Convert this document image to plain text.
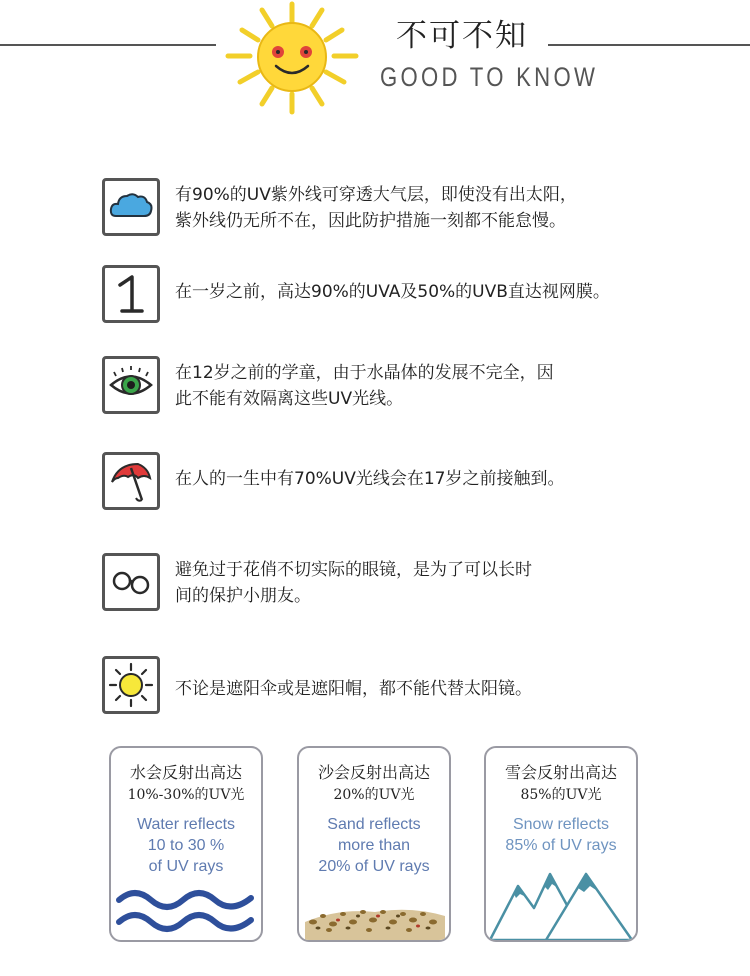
不可不知
GOOD TO KNOW
有90%的UV紫外线可穿透大气层，即使没有出太阳，
紫外线仍无所不在，因此防护措施一刻都不能怠慢。
在一岁之前，高达90%的UVA及50%的UVB直达视网膜。
在12岁之前的学童，由于水晶体的发展不完全，因
此不能有效隔离这些UV光线。
在人的一生中有70%UV光线会在17岁之前接触到。
避免过于花俏不切实际的眼镜，是为了可以长时
间的保护小朋友。
不论是遮阳伞或是遮阳帽，都不能代替太阳镜。
水会反射出高达
10%-30%的UV光
Water reflects
10 to 30 %
of UV rays
沙会反射出高达
20%的UV光
Sand reflects
more than
20% of UV rays
雪会反射出高达
85%的UV光
Snow reflects
85% of UV rays
